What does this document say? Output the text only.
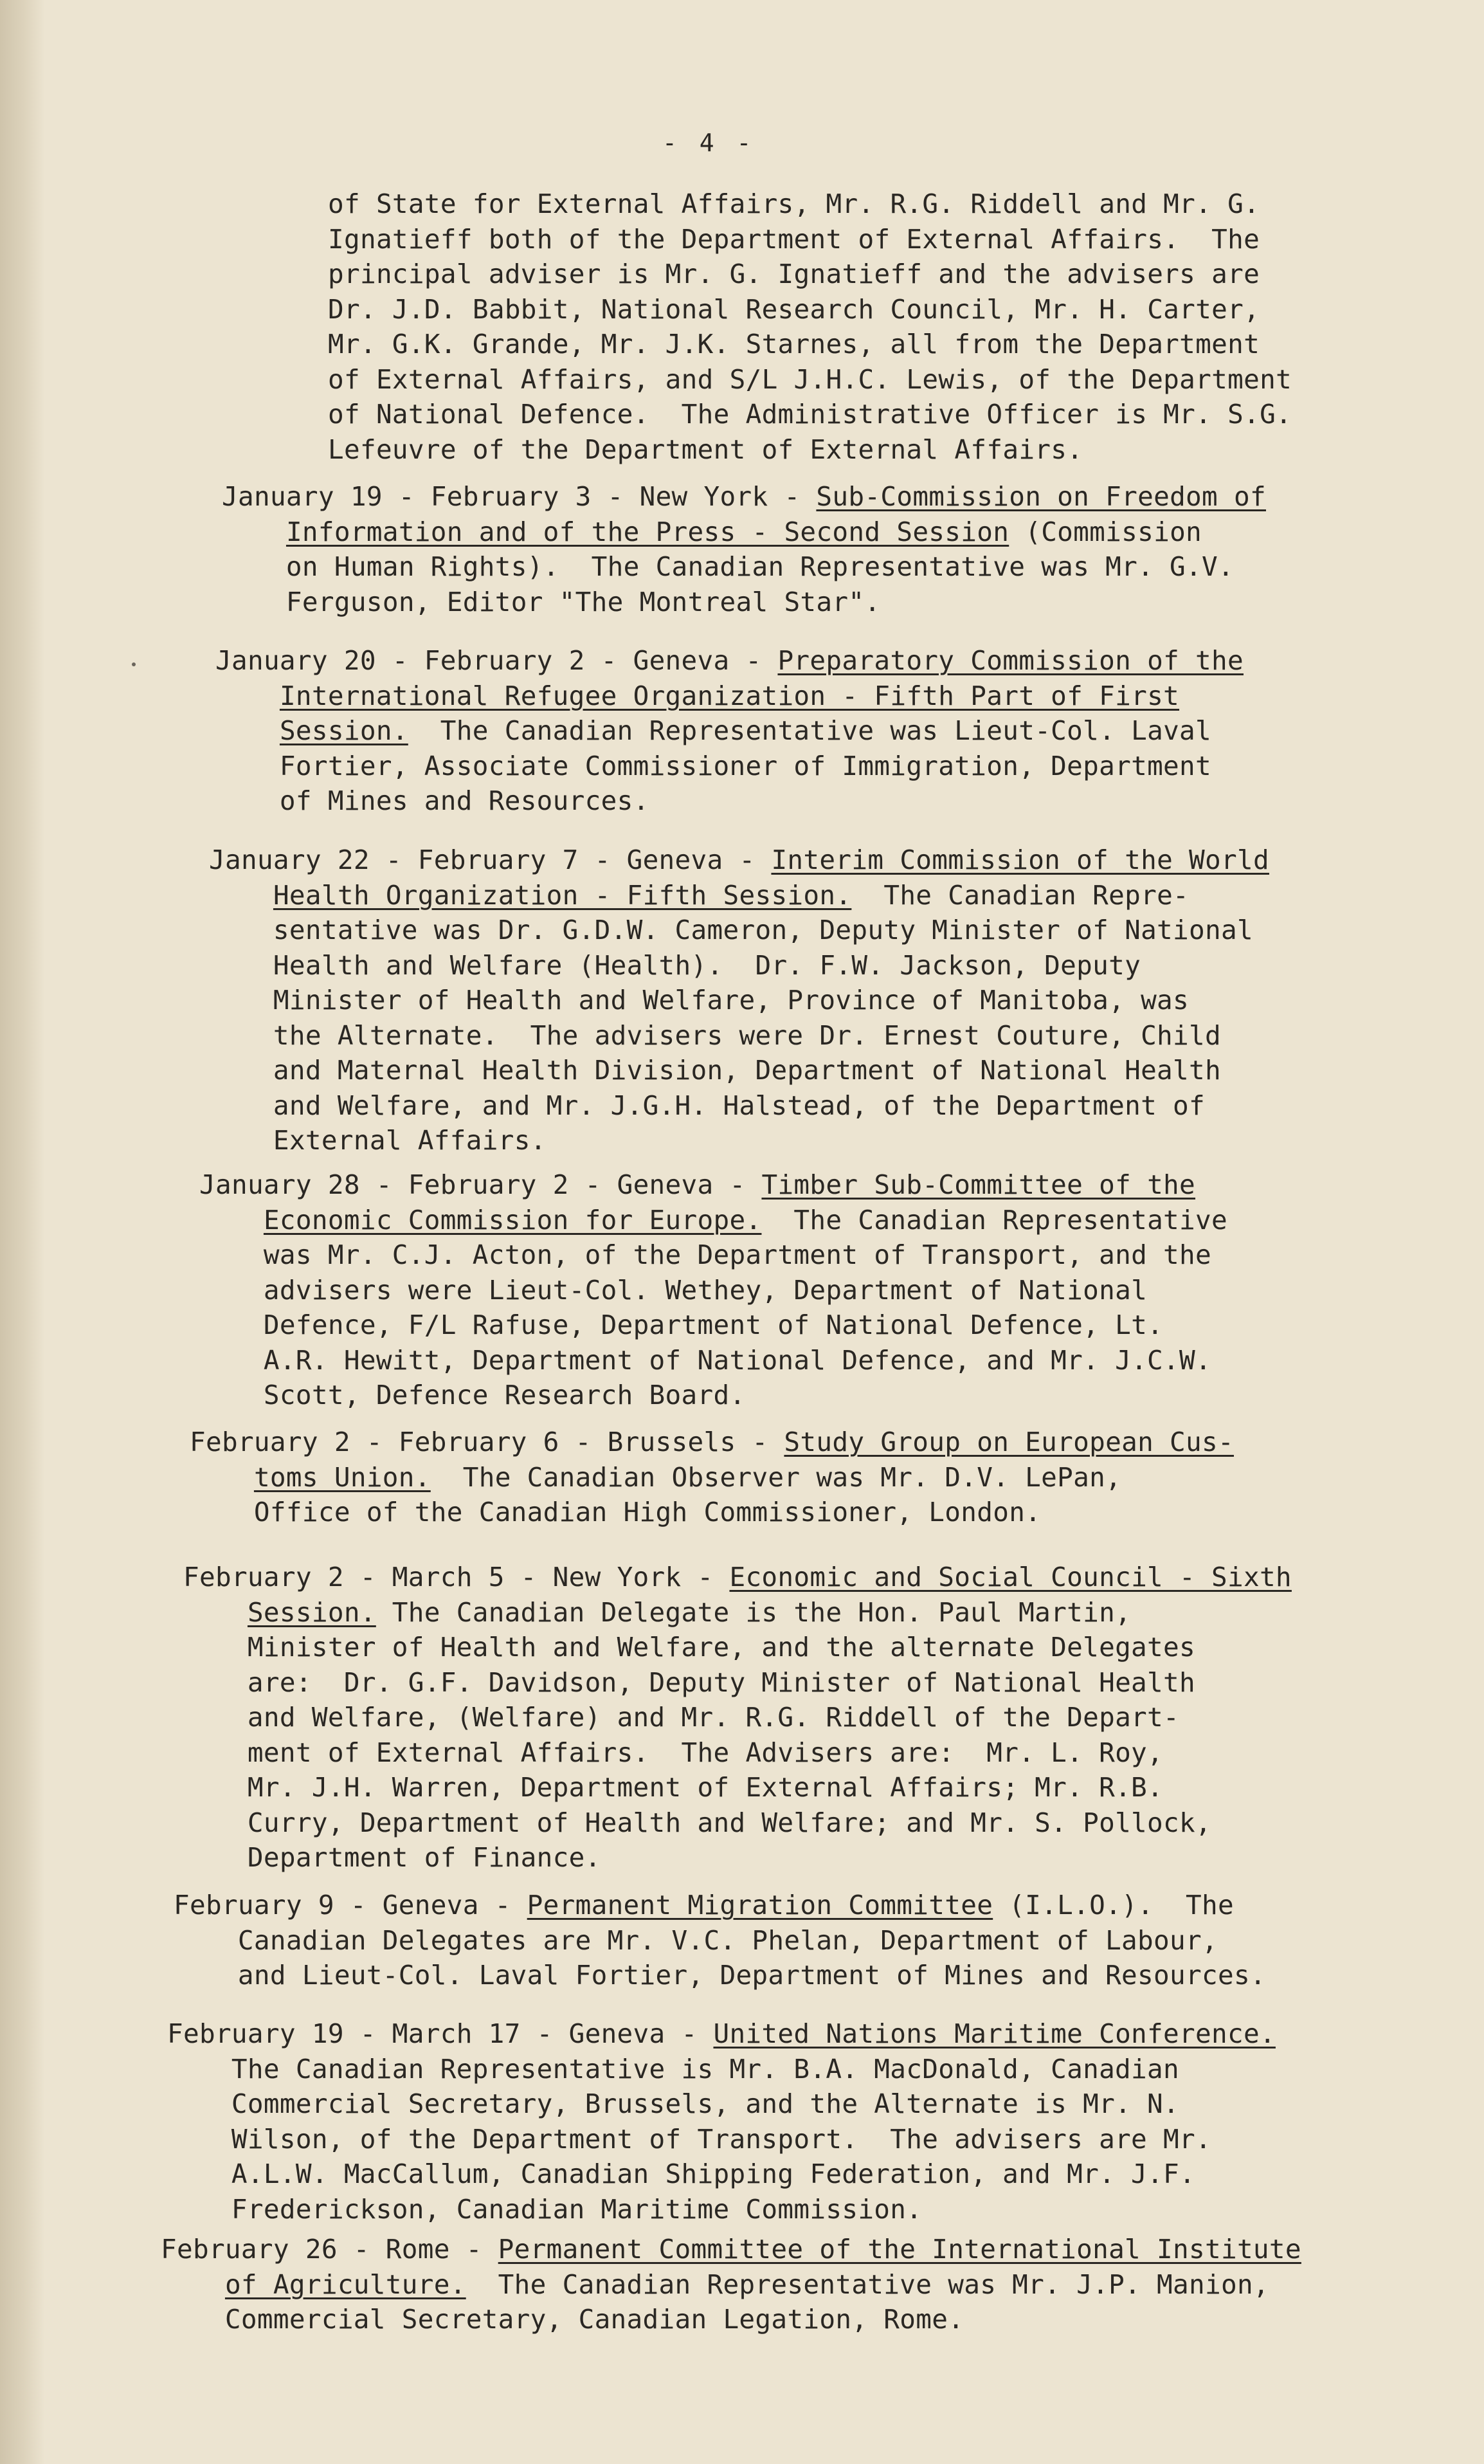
- 4 -
of State for External Affairs, Mr. R.G. Riddell and Mr. G.
Ignatieff both of the Department of External Affairs.  The
principal adviser is Mr. G. Ignatieff and the advisers are
Dr. J.D. Babbit, National Research Council, Mr. H. Carter,
Mr. G.K. Grande, Mr. J.K. Starnes, all from the Department
of External Affairs, and S/L J.H.C. Lewis, of the Department
of National Defence.  The Administrative Officer is Mr. S.G.
Lefeuvre of the Department of External Affairs.
January 19 - February 3 - New York - Sub-Commission on Freedom of
Information and of the Press - Second Session (Commission
on Human Rights).  The Canadian Representative was Mr. G.V.
Ferguson, Editor "The Montreal Star".
January 20 - February 2 - Geneva - Preparatory Commission of the
International Refugee Organization - Fifth Part of First
Session.  The Canadian Representative was Lieut-Col. Laval
Fortier, Associate Commissioner of Immigration, Department
of Mines and Resources.
January 22 - February 7 - Geneva - Interim Commission of the World
Health Organization - Fifth Session.  The Canadian Repre-
sentative was Dr. G.D.W. Cameron, Deputy Minister of National
Health and Welfare (Health).  Dr. F.W. Jackson, Deputy
Minister of Health and Welfare, Province of Manitoba, was
the Alternate.  The advisers were Dr. Ernest Couture, Child
and Maternal Health Division, Department of National Health
and Welfare, and Mr. J.G.H. Halstead, of the Department of
External Affairs.
January 28 - February 2 - Geneva - Timber Sub-Committee of the
Economic Commission for Europe.  The Canadian Representative
was Mr. C.J. Acton, of the Department of Transport, and the
advisers were Lieut-Col. Wethey, Department of National
Defence, F/L Rafuse, Department of National Defence, Lt.
A.R. Hewitt, Department of National Defence, and Mr. J.C.W.
Scott, Defence Research Board.
February 2 - February 6 - Brussels - Study Group on European Cus-
toms Union.  The Canadian Observer was Mr. D.V. LePan,
Office of the Canadian High Commissioner, London.
February 2 - March 5 - New York - Economic and Social Council - Sixth
Session. The Canadian Delegate is the Hon. Paul Martin,
Minister of Health and Welfare, and the alternate Delegates
are:  Dr. G.F. Davidson, Deputy Minister of National Health
and Welfare, (Welfare) and Mr. R.G. Riddell of the Depart-
ment of External Affairs.  The Advisers are:  Mr. L. Roy,
Mr. J.H. Warren, Department of External Affairs; Mr. R.B.
Curry, Department of Health and Welfare; and Mr. S. Pollock,
Department of Finance.
February 9 - Geneva - Permanent Migration Committee (I.L.O.).  The
Canadian Delegates are Mr. V.C. Phelan, Department of Labour,
and Lieut-Col. Laval Fortier, Department of Mines and Resources.
February 19 - March 17 - Geneva - United Nations Maritime Conference.
The Canadian Representative is Mr. B.A. MacDonald, Canadian
Commercial Secretary, Brussels, and the Alternate is Mr. N.
Wilson, of the Department of Transport.  The advisers are Mr.
A.L.W. MacCallum, Canadian Shipping Federation, and Mr. J.F.
Frederickson, Canadian Maritime Commission.
February 26 - Rome - Permanent Committee of the International Institute
of Agriculture.  The Canadian Representative was Mr. J.P. Manion,
Commercial Secretary, Canadian Legation, Rome.
